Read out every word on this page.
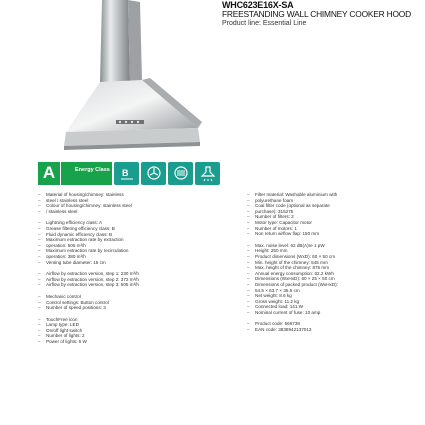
WHC623E16X-SA
FREESTANDING WALL CHIMNEY COOKER HOOD
Product line: Essential Line
A	Energy Class B
–	Material of housing/chimney: stainless
–	steel / stainless steel
–	Colour of housing/chimney: stainless steel
–	/ stainless steel
–	Lightning efficiency class: A
–	Grease filtering efficiency class: B
–	Fluid dynamic efficiency class: B
–	Maximum extraction rate by extraction
–	operation: 505 m³/h
–	Maximum extraction rate by recirculation
–	operation: 380 m³/h
–	Venting tube diameter: 15 cm
–	Airflow by extraction version, step 1: 230 m³/h
–	Airflow by extraction version, step 2: 372 m³/h
–	Airflow by extraction version, step 3: 505 m³/h
–	Mechanic control
–	Control settings: Button control
–	Number of speed positions: 3
–	TouchFree icon
–	Lamp type: LED
–	On/off light switch
–	Number of lights: 2
–	Power of lights: 6 W
–	Filter material: Washable aluminium with
–	polyurethane foam
–	Coal filter code (optional as separate
–	purchase): 315275
–	Number of filters: 2
–	Motor type: Capacitor motor
–	Number of motors: 1
–	Non return airflow flap: 150 mm
–	Max. noise level: 62 dB(A)re 1 pW
–	Height: 250 mm
–	Product dimensions (WxD): 60 × 50 cm
–	Min. height of the chimney: 545 mm
–	Max. height of the chimney: 875 mm
–	Annual energy consumption: 62.2 kWh
–	Dimensions (WxHxD): 60 × 25 × 50 cm
–	Dimensions of packed product (WxHxD):
–	54.5 × 63.7 × 35.5 cm
–	Net weight: 8.6 kg
–	Gross weight: 11.2 kg
–	Connected load: 141 W
–	Nominal current of fuse: 10 amp
–	Product code: 566738
–	EAN code: 3838942137013
